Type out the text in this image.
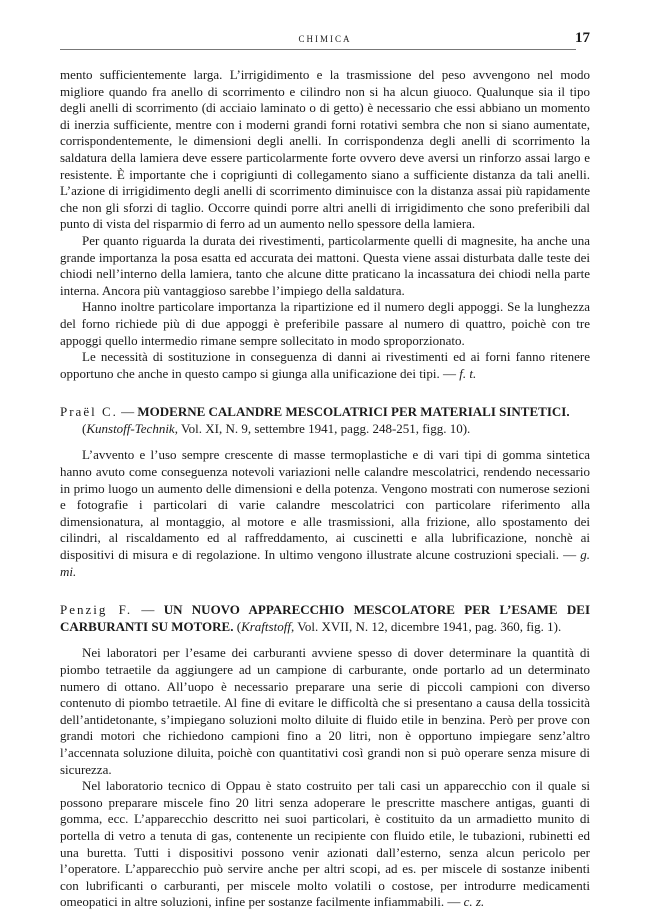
CHIMICA	17

mento sufficientemente larga. L’irrigidimento e la trasmissione del peso avvengono nel modo migliore quando fra anello di scorrimento e cilindro non si ha alcun giuoco. Qualunque sia il tipo degli anelli di scorrimento (di acciaio laminato o di getto) è necessario che essi abbiano un momento di inerzia sufficiente, mentre con i moderni grandi forni rotativi sembra che non si siano aumentate, corrispondentemente, le dimensioni degli anelli. In corrispondenza degli anelli di scorrimento la saldatura della lamiera deve essere particolarmente forte ovvero deve aversi un rinforzo assai largo e resistente. È importante che i coprigiunti di collegamento siano a sufficiente distanza da tali anelli. L’azione di irrigidimento degli anelli di scorrimento diminuisce con la distanza assai più rapidamente che non gli sforzi di taglio. Occorre quindi porre altri anelli di irrigidimento che sono preferibili dal punto di vista del risparmio di ferro ad un aumento nello spessore della lamiera.

Per quanto riguarda la durata dei rivestimenti, particolarmente quelli di magnesite, ha anche una grande importanza la posa esatta ed accurata dei mattoni. Questa viene assai disturbata dalle teste dei chiodi nell’interno della lamiera, tanto che alcune ditte praticano la incassatura dei chiodi nella parte interna. Ancora più vantaggioso sarebbe l’impiego della saldatura.

Hanno inoltre particolare importanza la ripartizione ed il numero degli appoggi. Se la lunghezza del forno richiede più di due appoggi è preferibile passare al numero di quattro, poichè con tre appoggi quello intermedio rimane sempre sollecitato in modo sproporzionato.

Le necessità di sostituzione in conseguenza di danni ai rivestimenti ed ai forni fanno ritenere opportuno che anche in questo campo si giunga alla unificazione dei tipi. — f. t.

Praël C. — MODERNE CALANDRE MESCOLATRICI PER MATERIALI SINTETICI.

(Kunstoff-Technik, Vol. XI, N. 9, settembre 1941, pagg. 248-251, figg. 10).

L’avvento e l’uso sempre crescente di masse termoplastiche e di vari tipi di gomma sintetica hanno avuto come conseguenza notevoli variazioni nelle calandre mescolatrici, rendendo necessario in primo luogo un aumento delle dimensioni e della potenza. Vengono mostrati con numerose sezioni e fotografie i particolari di varie calandre mescolatrici con particolare riferimento alla dimensionatura, al montaggio, al motore e alle trasmissioni, alla frizione, allo spostamento dei cilindri, al riscaldamento ed al raffreddamento, ai cuscinetti e alla lubrificazione, nonchè ai dispositivi di misura e di regolazione. In ultimo vengono illustrate alcune costruzioni speciali. — g. mi.

Penzig F. — UN NUOVO APPARECCHIO MESCOLATORE PER L’ESAME DEI CARBURANTI SU MOTORE. (Kraftstoff, Vol. XVII, N. 12, dicembre 1941, pag. 360, fig. 1).

Nei laboratori per l’esame dei carburanti avviene spesso di dover determinare la quantità di piombo tetraetile da aggiungere ad un campione di carburante, onde portarlo ad un determinato numero di ottano. All’uopo è necessario preparare una serie di piccoli campioni con diverso contenuto di piombo tetraetile. Al fine di evitare le difficoltà che si presentano a causa della tossicità dell’antidetonante, s’impiegano soluzioni molto diluite di fluido etile in benzina. Però per prove con grandi motori che richiedono campioni fino a 20 litri, non è opportuno impiegare senz’altro l’accennata soluzione diluita, poichè con quantitativi così grandi non si può operare senza misure di sicurezza.

Nel laboratorio tecnico di Oppau è stato costruito per tali casi un apparecchio con il quale si possono preparare miscele fino 20 litri senza adoperare le prescritte maschere antigas, guanti di gomma, ecc. L’apparecchio descritto nei suoi particolari, è costituito da un armadietto munito di portella di vetro a tenuta di gas, contenente un recipiente con fluido etile, le tubazioni, rubinetti ed una buretta. Tutti i dispositivi possono venir azionati dall’esterno, senza alcun pericolo per l’operatore. L’apparecchio può servire anche per altri scopi, ad es. per miscele di sostanze inibenti con lubrificanti o carburanti, per miscele molto volatili o costose, per introdurre medicamenti omeopatici in altre soluzioni, infine per sostanze facilmente infiammabili. — c. z.
